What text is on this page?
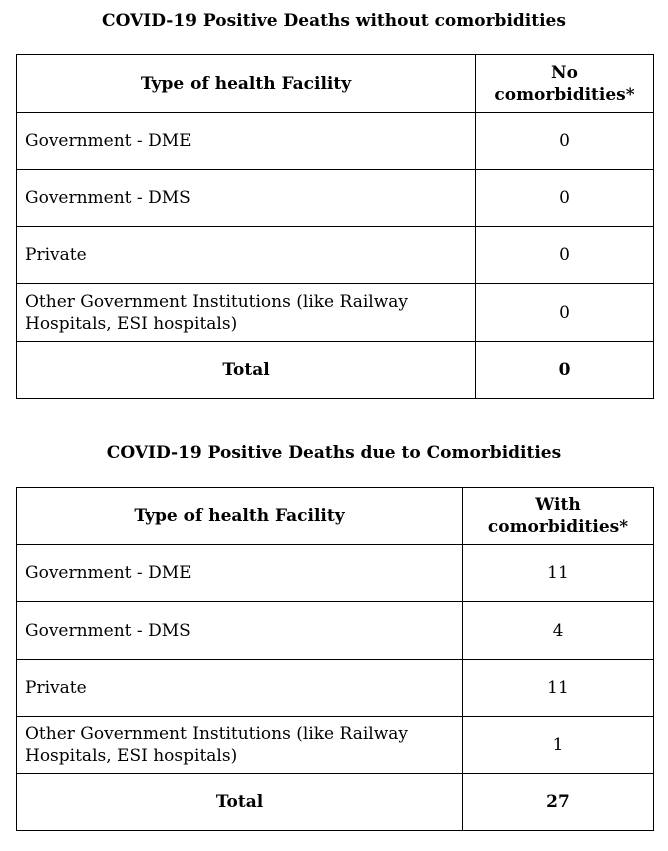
COVID-19 Positive Deaths without comorbidities
Type of health Facility	No comorbidities*
Government - DME	0
Government - DMS	0
Private	0
Other Government Institutions (like Railway Hospitals, ESI hospitals)	0
Total	0
COVID-19 Positive Deaths due to Comorbidities
Type of health Facility	With comorbidities*
Government - DME	11
Government - DMS	4
Private	11
Other Government Institutions (like Railway Hospitals, ESI hospitals)	1
Total	27
